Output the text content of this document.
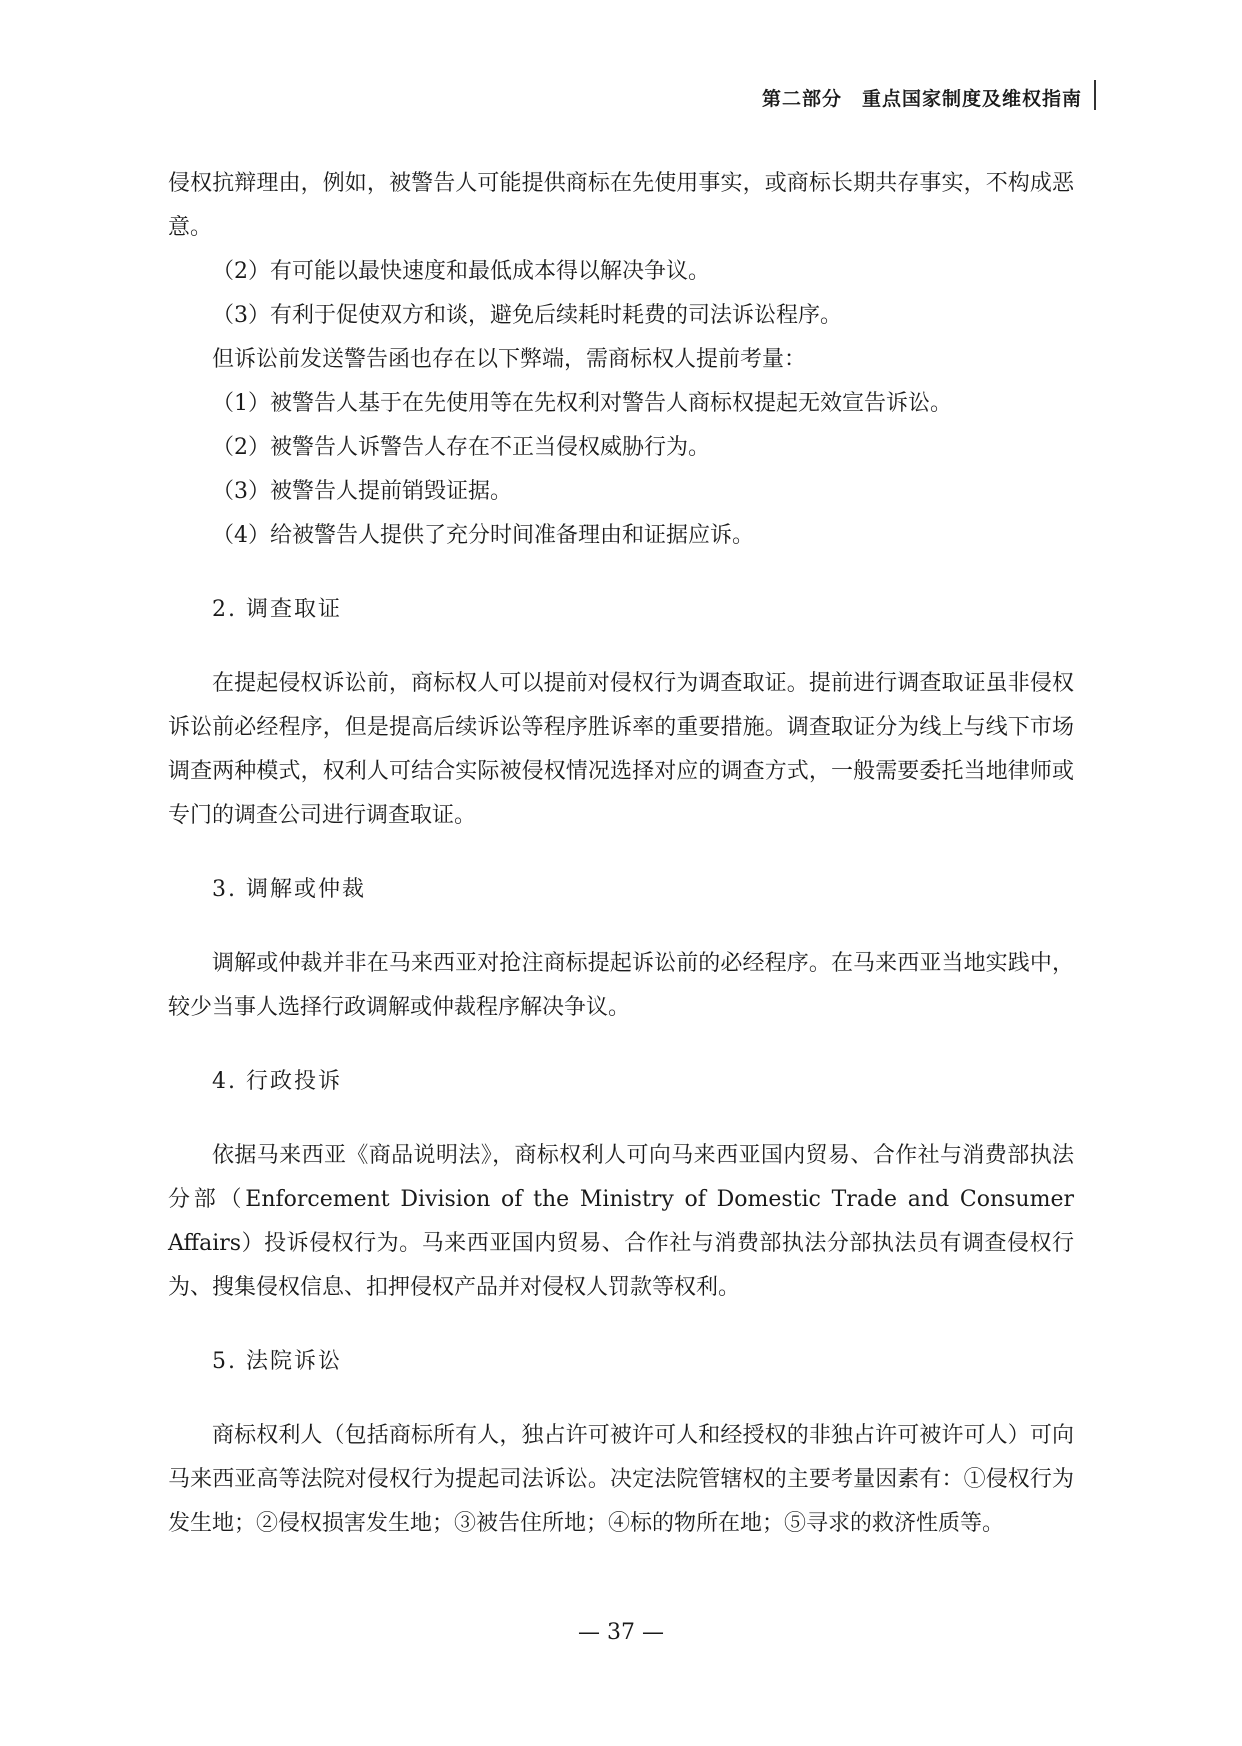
第二部分　重点国家制度及维权指南

侵权抗辩理由，例如，被警告人可能提供商标在先使用事实，或商标长期共存事实，不构成恶意。

（2）有可能以最快速度和最低成本得以解决争议。

（3）有利于促使双方和谈，避免后续耗时耗费的司法诉讼程序。

但诉讼前发送警告函也存在以下弊端，需商标权人提前考量：

（1）被警告人基于在先使用等在先权利对警告人商标权提起无效宣告诉讼。

（2）被警告人诉警告人存在不正当侵权威胁行为。

（3）被警告人提前销毁证据。

（4）给被警告人提供了充分时间准备理由和证据应诉。

2. 调查取证

在提起侵权诉讼前，商标权人可以提前对侵权行为调查取证。提前进行调查取证虽非侵权诉讼前必经程序，但是提高后续诉讼等程序胜诉率的重要措施。调查取证分为线上与线下市场调查两种模式，权利人可结合实际被侵权情况选择对应的调查方式，一般需要委托当地律师或专门的调查公司进行调查取证。

3. 调解或仲裁

调解或仲裁并非在马来西亚对抢注商标提起诉讼前的必经程序。在马来西亚当地实践中，较少当事人选择行政调解或仲裁程序解决争议。

4. 行政投诉

依据马来西亚《商品说明法》，商标权利人可向马来西亚国内贸易、合作社与消费部执法分部（Enforcement Division of the Ministry of Domestic Trade and Consumer Affairs）投诉侵权行为。马来西亚国内贸易、合作社与消费部执法分部执法员有调查侵权行为、搜集侵权信息、扣押侵权产品并对侵权人罚款等权利。

5. 法院诉讼

商标权利人（包括商标所有人，独占许可被许可人和经授权的非独占许可被许可人）可向马来西亚高等法院对侵权行为提起司法诉讼。决定法院管辖权的主要考量因素有：①侵权行为发生地；②侵权损害发生地；③被告住所地；④标的物所在地；⑤寻求的救济性质等。

— 37 —
